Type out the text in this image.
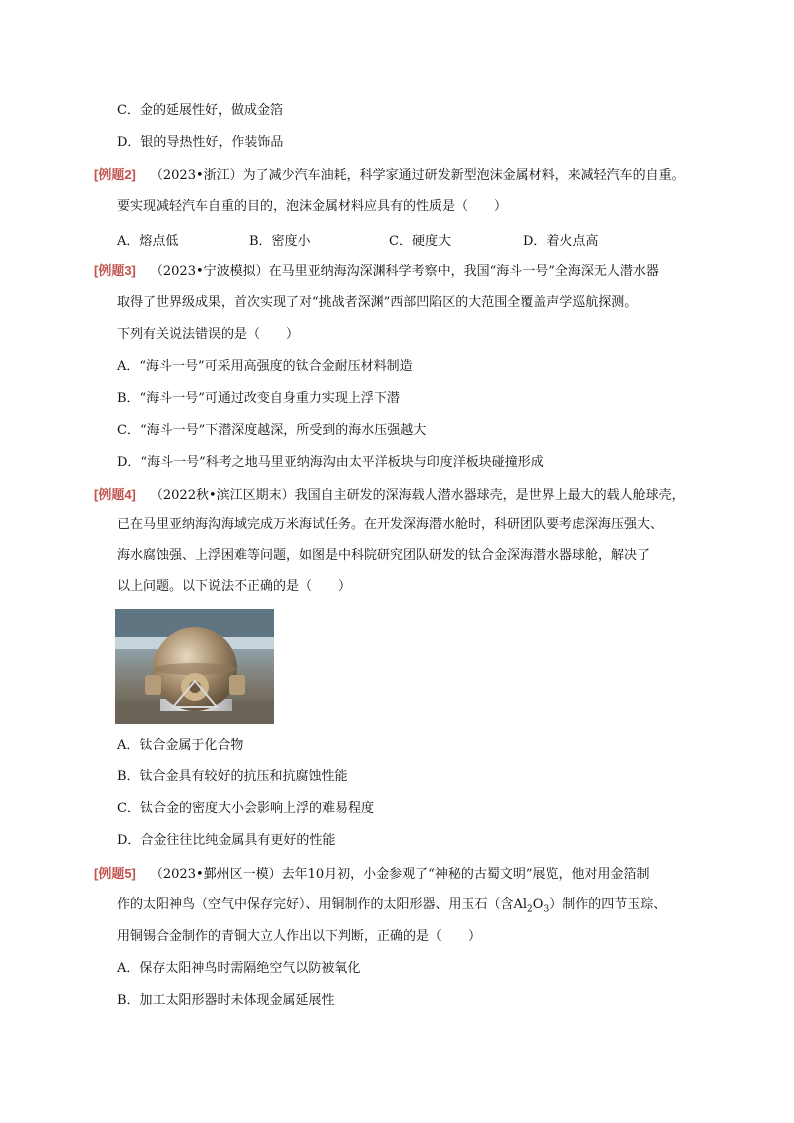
C．金的延展性好，做成金箔
D．银的导热性好，作装饰品
[例题2] （2023•浙江）为了减少汽车油耗，科学家通过研发新型泡沫金属材料，来减轻汽车的自重。
要实现减轻汽车自重的目的，泡沫金属材料应具有的性质是（　　）
A．熔点低	B．密度小	C．硬度大	D．着火点高
[例题3] （2023•宁波模拟）在马里亚纳海沟深渊科学考察中，我国“海斗一号”全海深无人潜水器
取得了世界级成果，首次实现了对“挑战者深渊”西部凹陷区的大范围全覆盖声学巡航探测。
下列有关说法错误的是（　　）
A．“海斗一号”可采用高强度的钛合金耐压材料制造
B．“海斗一号”可通过改变自身重力实现上浮下潜
C．“海斗一号”下潜深度越深，所受到的海水压强越大
D．“海斗一号”科考之地马里亚纳海沟由太平洋板块与印度洋板块碰撞形成
[例题4] （2022秋•滨江区期末）我国自主研发的深海载人潜水器球壳，是世界上最大的载人舱球壳，
已在马里亚纳海沟海域完成万米海试任务。在开发深海潜水舱时，科研团队要考虑深海压强大、
海水腐蚀强、上浮困难等问题，如图是中科院研究团队研发的钛合金深海潜水器球舱，解决了
以上问题。以下说法不正确的是（　　）
A．钛合金属于化合物
B．钛合金具有较好的抗压和抗腐蚀性能
C．钛合金的密度大小会影响上浮的难易程度
D．合金往往比纯金属具有更好的性能
[例题5] （2023•鄞州区一模）去年10月初，小金参观了“神秘的古蜀文明”展览，他对用金箔制
作的太阳神鸟（空气中保存完好）、用铜制作的太阳形器、用玉石（含$Al_2O_3$）制作的四节玉琮、
用铜锡合金制作的青铜大立人作出以下判断，正确的是（　　）
A．保存太阳神鸟时需隔绝空气以防被氧化
B．加工太阳形器时未体现金属延展性
